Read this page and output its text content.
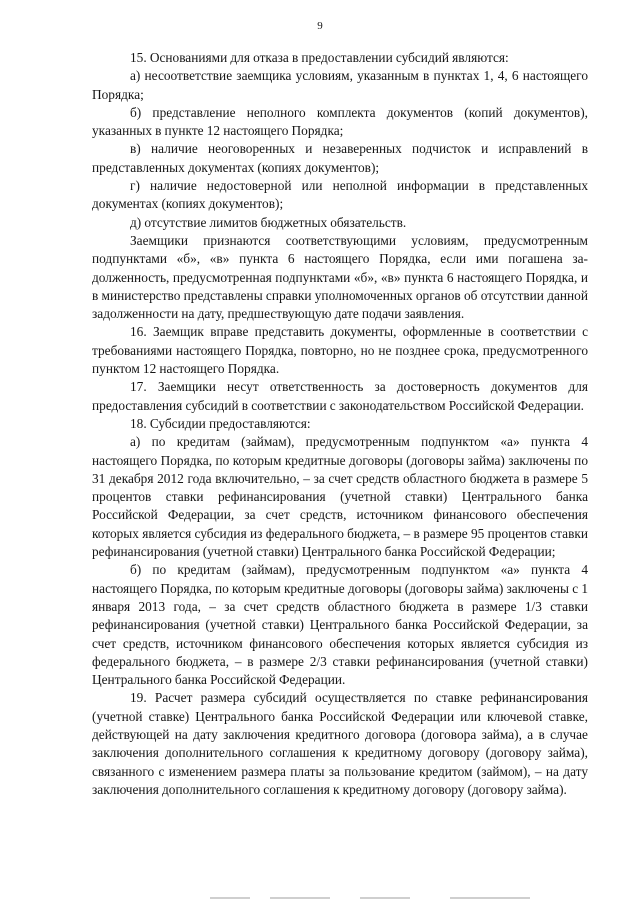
9

15. Основаниями для отказа в предоставлении субсидий являются:

а) несоответствие заемщика условиям, указанным в пунктах 1, 4, 6 настоящего Порядка;

б) представление неполного комплекта документов (копий документов), указанных в пункте 12 настоящего Порядка;

в) наличие неоговоренных и незаверенных подчисток и исправлений в представленных документах (копиях документов);

г) наличие недостоверной или неполной информации в представленных документах (копиях документов);

д) отсутствие лимитов бюджетных обязательств.

Заемщики признаются соответствующими условиям, предусмотренным подпунктами «б», «в» пункта 6 настоящего Порядка, если ими погашена задолженность, предусмотренная подпунктами «б», «в» пункта 6 настоящего Порядка, и в министерство представлены справки уполномоченных органов об отсутствии данной задолженности на дату, предшествующую дате подачи заявления.

16. Заемщик вправе представить документы, оформленные в соответствии с требованиями настоящего Порядка, повторно, но не позднее срока, предусмотренного пунктом 12 настоящего Порядка.

17. Заемщики несут ответственность за достоверность документов для предоставления субсидий в соответствии с законодательством Российской Федерации.

18. Субсидии предоставляются:

а) по кредитам (займам), предусмотренным подпунктом «а» пункта 4 настоящего Порядка, по которым кредитные договоры (договоры займа) заключены по 31 декабря 2012 года включительно, – за счет средств областного бюджета в размере 5 процентов ставки рефинансирования (учетной ставки) Центрального банка Российской Федерации, за счет средств, источником финансового обеспечения которых является субсидия из федерального бюджета, – в размере 95 процентов ставки рефинансирования (учетной ставки) Центрального банка Российской Федерации;

б) по кредитам (займам), предусмотренным подпунктом «а» пункта 4 настоящего Порядка, по которым кредитные договоры (договоры займа) заключены с 1 января 2013 года, – за счет средств областного бюджета в размере 1/3 ставки рефинансирования (учетной ставки) Центрального банка Российской Федерации, за счет средств, источником финансового обеспечения которых является субсидия из федерального бюджета, – в размере 2/3 ставки рефинансирования (учетной ставки) Центрального банка Российской Федерации.

19. Расчет размера субсидий осуществляется по ставке рефинансирования (учетной ставке) Центрального банка Российской Федерации или ключевой ставке, действующей на дату заключения кредитного договора (договора займа), а в случае заключения дополнительного соглашения к кредитному договору (договору займа), связанного с изменением размера платы за пользование кредитом (займом), – на дату заключения дополнительного соглашения к кредитному договору (договору займа).
